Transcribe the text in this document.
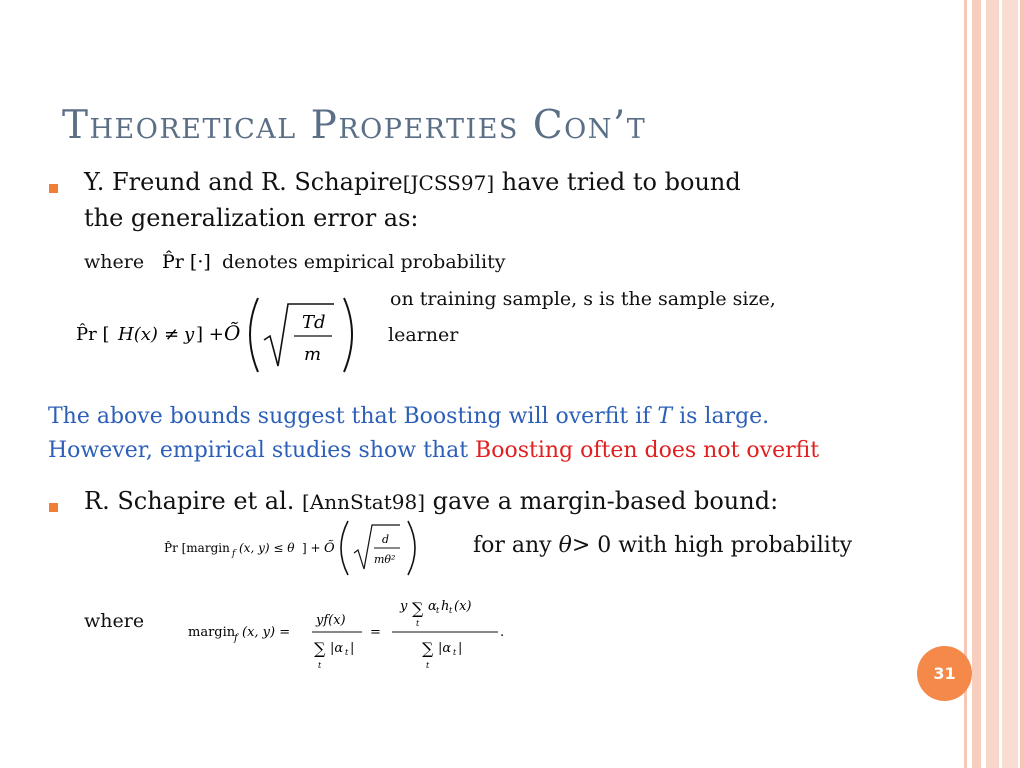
Theoretical Properties Con’t
Y. Freund and R. Schapire[JCSS97] have tried to bound
the generalization error as:
where P̂r [·] denotes empirical probability
P̂r [ H(x) ≠ y ] + Õ	Td
m
on training sample, s is the sample size,
learner
The above bounds suggest that Boosting will overfit if T is large.
However, empirical studies show that Boosting often does not overfit
R. Schapire et al. [AnnStat98] gave a margin-based bound:
P̂r [margin f (x, y) ≤ θ ] + Õ
d
mθ²
for any θ> 0 with high probability
where
margin
f (x, y) =
yf(x)
∑ |α t |
t
=
y ∑ α t h t (x)
t
∑ |α t |
t
.
31
